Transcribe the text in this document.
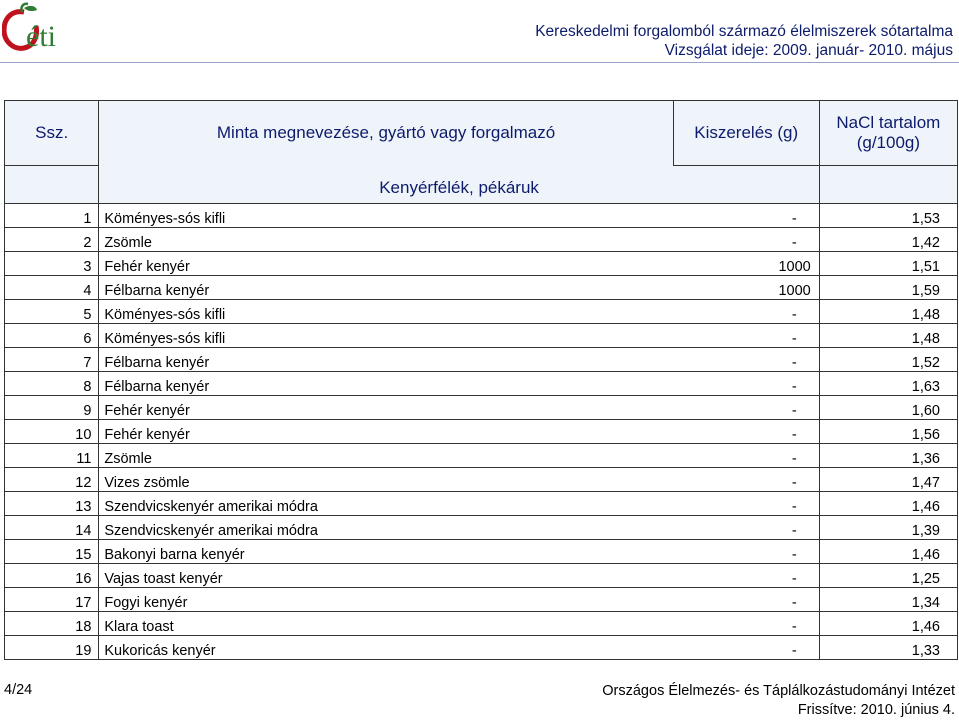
éti	Kereskedelmi forgalomból származó élelmiszerek sótartalma
Vizsgálat ideje: 2009. január- 2010. május
Ssz.	Minta megnevezése, gyártó vagy forgalmazó	Kiszerelés (g)	NaCl tartalom (g/100g)
	Kenyérfélék, pékáruk		
1	Köményes-sós kifli	-	1,53
2	Zsömle	-	1,42
3	Fehér kenyér	1000	1,51
4	Félbarna kenyér	1000	1,59
5	Köményes-sós kifli	-	1,48
6	Köményes-sós kifli	-	1,48
7	Félbarna kenyér	-	1,52
8	Félbarna kenyér	-	1,63
9	Fehér kenyér	-	1,60
10	Fehér kenyér	-	1,56
11	Zsömle	-	1,36
12	Vizes zsömle	-	1,47
13	Szendvicskenyér amerikai módra	-	1,46
14	Szendvicskenyér amerikai módra	-	1,39
15	Bakonyi barna kenyér	-	1,46
16	Vajas toast kenyér	-	1,25
17	Fogyi kenyér	-	1,34
18	Klara toast	-	1,46
19	Kukoricás kenyér	-	1,33
4/24	Országos Élelmezés- és Táplálkozástudományi Intézet
Frissítve: 2010. június 4.
